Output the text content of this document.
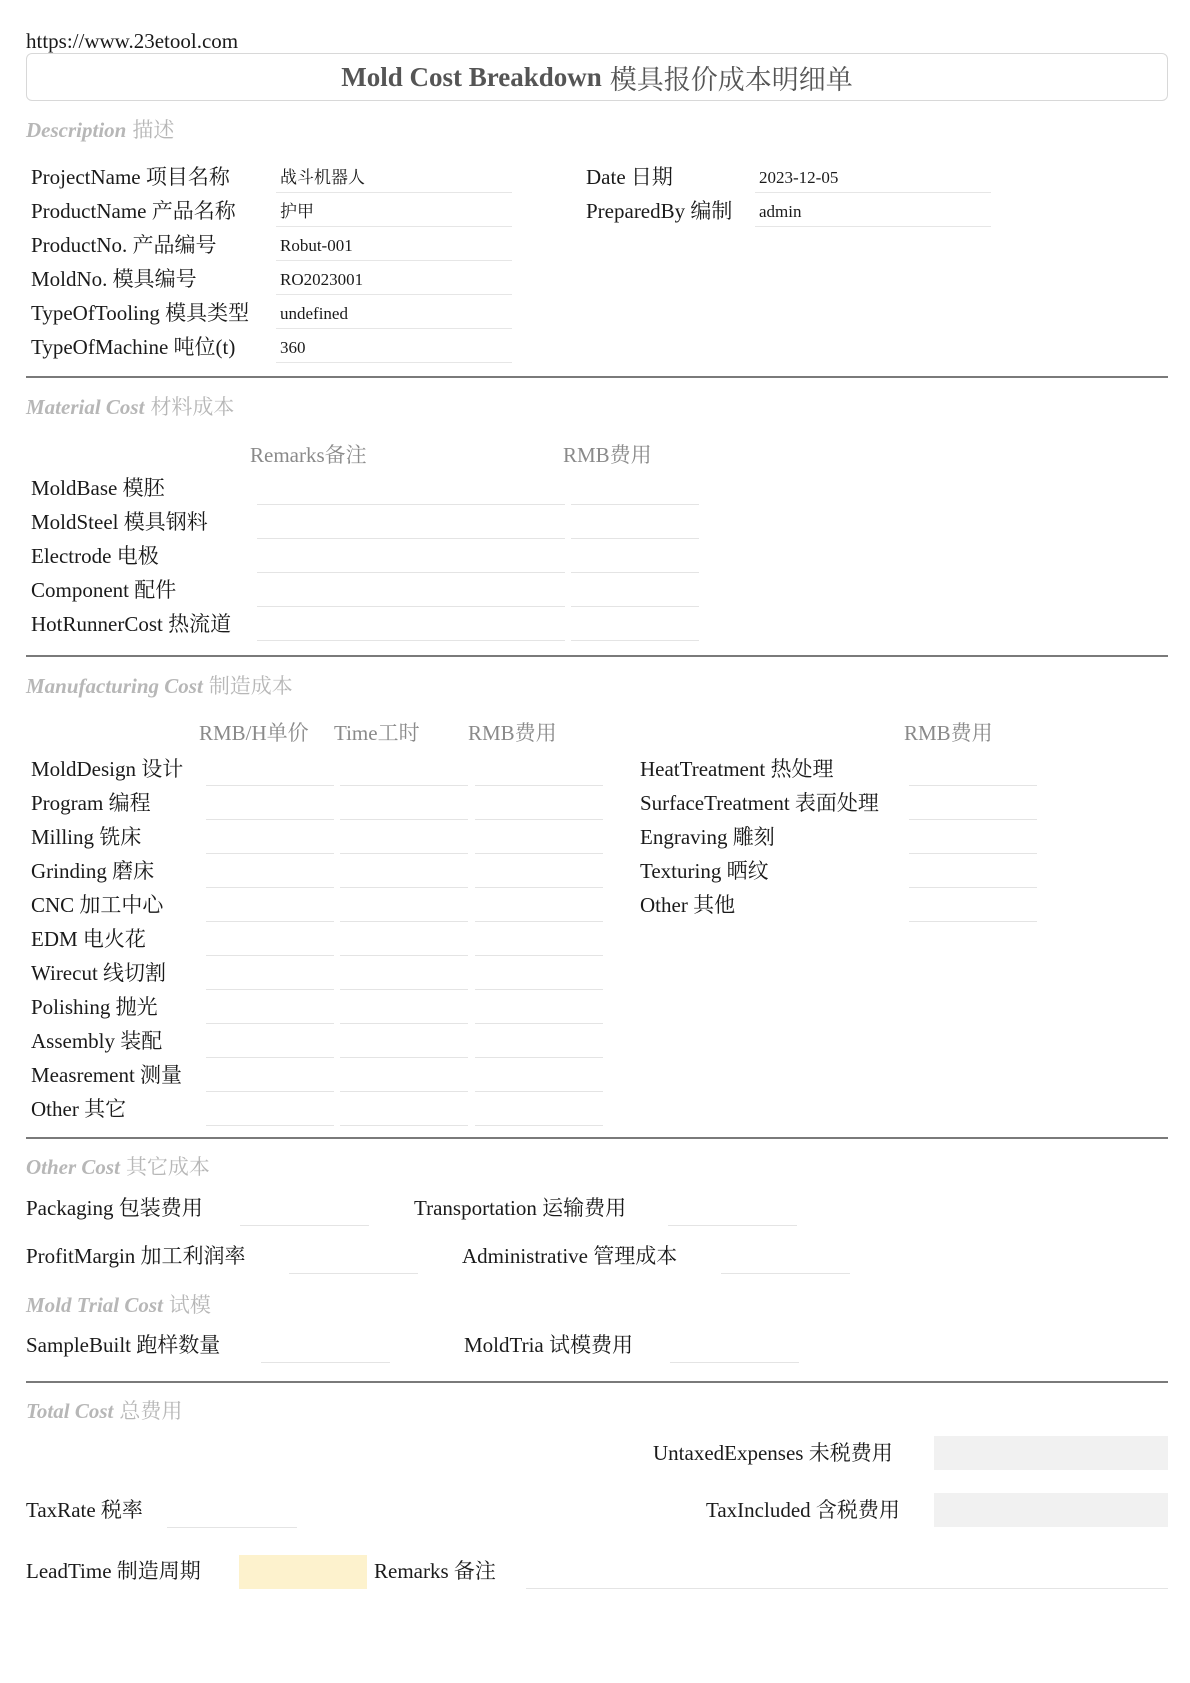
https://www.23etool.com
Mold Cost Breakdown 模具报价成本明细单
Description 描述
ProjectName 项目名称	战斗机器人
ProductName 产品名称	护甲
ProductNo. 产品编号	Robut-001
MoldNo. 模具编号	RO2023001
TypeOfTooling 模具类型 undefined
TypeOfMachine 吨位(t)	360
Date 日期	2023-12-05
PreparedBy 编制 admin
Material Cost 材料成本
Remarks备注	RMB费用
MoldBase 模胚
MoldSteel 模具钢料
Electrode 电极
Component 配件
HotRunnerCost 热流道
Manufacturing Cost 制造成本
RMB/H单价 Time工时 RMB费用	RMB费用
MoldDesign 设计
Program 编程
Milling 铣床
Grinding 磨床
CNC 加工中心
EDM 电火花
Wirecut 线切割
Polishing 抛光
Assembly 装配
Measrement 测量
Other 其它
HeatTreatment 热处理
SurfaceTreatment 表面处理
Engraving 雕刻
Texturing 晒纹
Other 其他
Other Cost 其它成本
Packaging 包装费用	Transportation 运输费用
ProfitMargin 加工利润率	Administrative 管理成本
Mold Trial Cost 试模
SampleBuilt 跑样数量	MoldTria 试模费用
Total Cost 总费用
UntaxedExpenses 未税费用
TaxRate 税率	TaxIncluded 含税费用
LeadTime 制造周期	Remarks 备注
